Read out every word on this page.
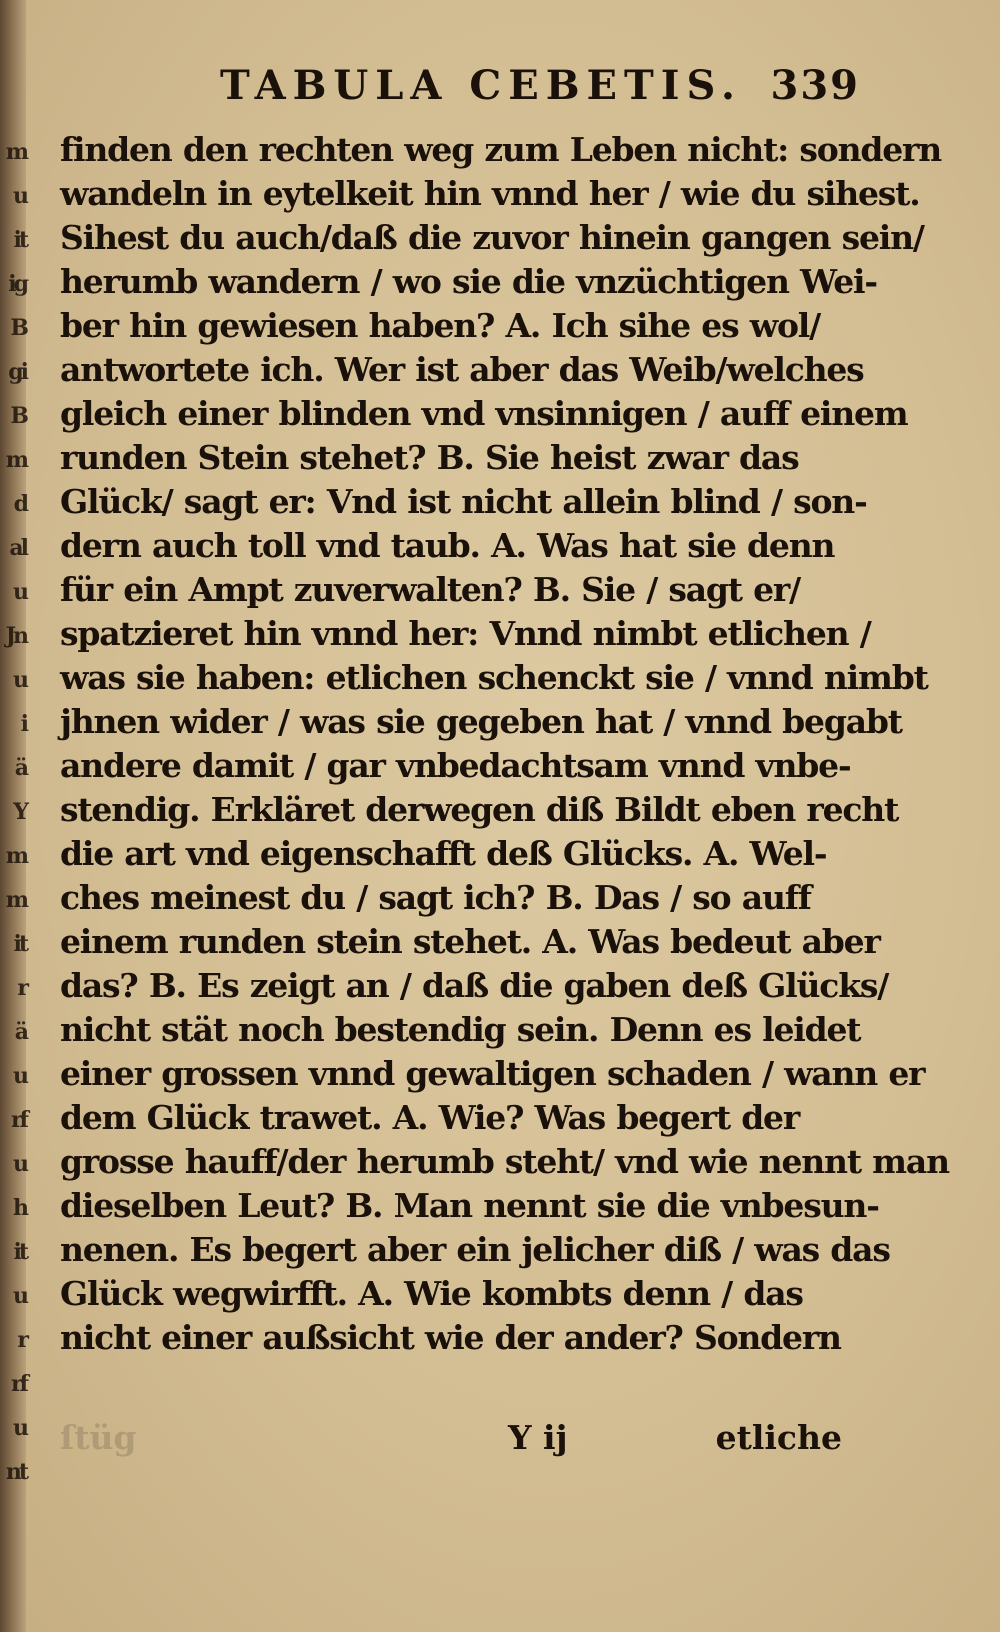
m
u
it
ig
B
gi
B
m
d
al
u
Jn
u
i
ä
Y
m
m
it
r
ä
u
rf
u
h
it
u
r
rf
u
nt
TABULA CEBETIS. 339
finden den rechten weg zum Leben nicht: sondern
wandeln in eytelkeit hin vnnd her / wie du sihest.
Sihest du auch/daß die zuvor hinein gangen sein/
herumb wandern / wo sie die vnzüchtigen Wei-
ber hin gewiesen haben? A. Ich sihe es wol/
antwortete ich. Wer ist aber das Weib/welches
gleich einer blinden vnd vnsinnigen / auff einem
runden Stein stehet? B. Sie heist zwar das
Glück/ sagt er: Vnd ist nicht allein blind / son-
dern auch toll vnd taub. A. Was hat sie denn
für ein Ampt zuverwalten? B. Sie / sagt er/
spatzieret hin vnnd her: Vnnd nimbt etlichen /
was sie haben: etlichen schenckt sie / vnnd nimbt
jhnen wider / was sie gegeben hat / vnnd begabt
andere damit / gar vnbedachtsam vnnd vnbe-
stendig. Erkläret derwegen diß Bildt eben recht
die art vnd eigenschafft deß Glücks. A. Wel-
ches meinest du / sagt ich? B. Das / so auff
einem runden stein stehet. A. Was bedeut aber
das? B. Es zeigt an / daß die gaben deß Glücks/
nicht stät noch bestendig sein. Denn es leidet
einer grossen vnnd gewaltigen schaden / wann er
dem Glück trawet. A. Wie? Was begert der
grosse hauff/der herumb steht/ vnd wie nennt man
dieselben Leut? B. Man nennt sie die vnbesun-
nenen. Es begert aber ein jelicher diß / was das
Glück wegwirfft. A. Wie kombts denn / das
nicht einer außsicht wie der ander? Sondern
ſtüg	Y ij	etliche
